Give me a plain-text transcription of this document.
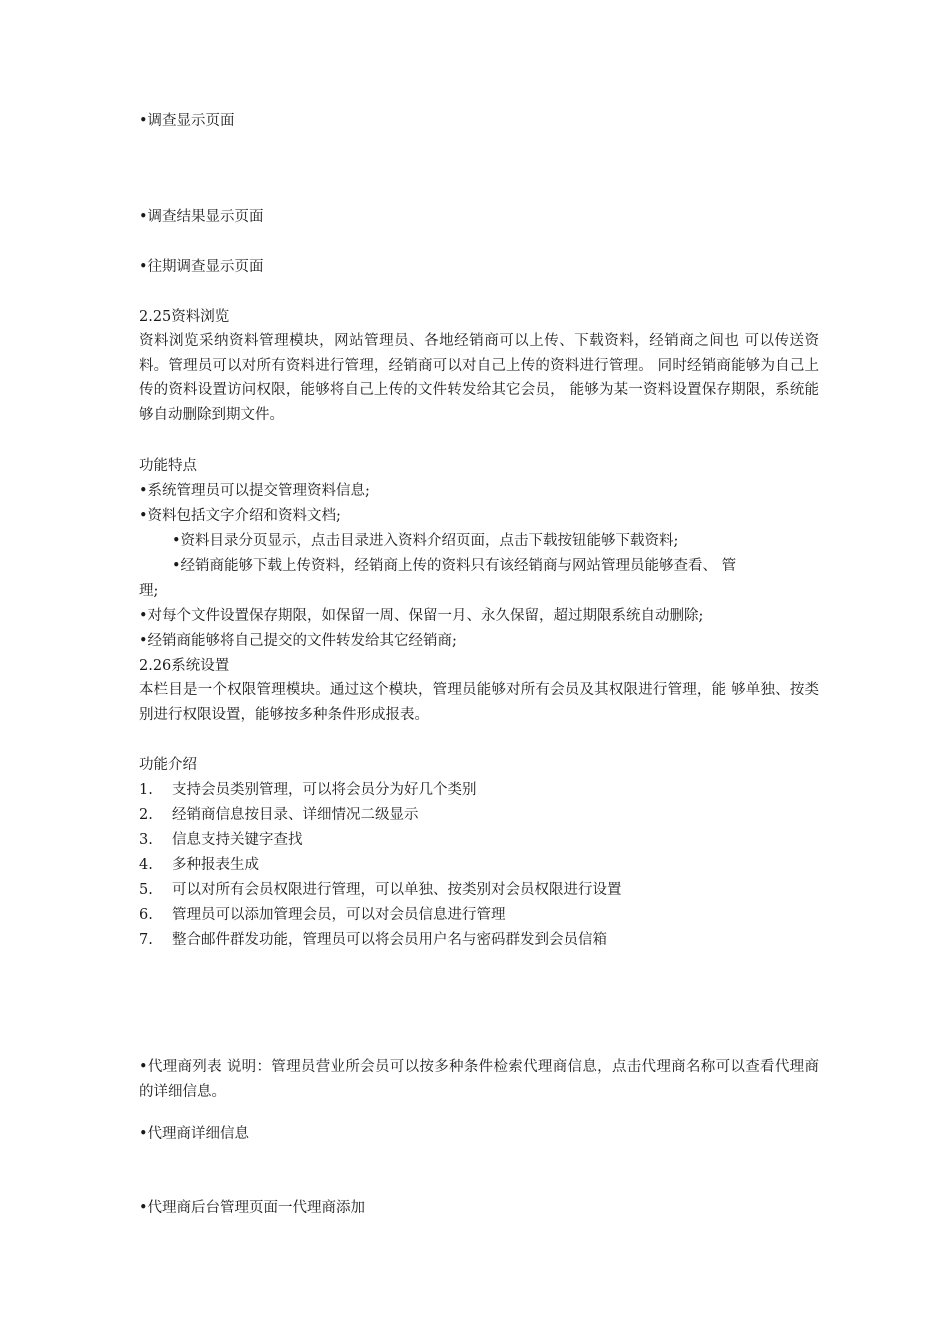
•调查显示页面
•调查结果显示页面
•往期调查显示页面
2.25资料浏览
资料浏览采纳资料管理模块，网站管理员、各地经销商可以上传、下载资料，经销商之间也 可以传送资料。管理员可以对所有资料进行管理，经销商可以对自己上传的资料进行管理。 同时经销商能够为自己上传的资料设置访问权限，能够将自己上传的文件转发给其它会员， 能够为某一资料设置保存期限，系统能够自动删除到期文件。
功能特点
•系统管理员可以提交管理资料信息;
•资料包括文字介绍和资料文档;
•资料目录分页显示，点击目录进入资料介绍页面，点击下载按钮能够下载资料;
•经销商能够下载上传资料，经销商上传的资料只有该经销商与网站管理员能够查看、 管
理;
•对每个文件设置保存期限，如保留一周、保留一月、永久保留，超过期限系统自动删除;
•经销商能够将自己提交的文件转发给其它经销商;
2.26系统设置
本栏目是一个权限管理模块。通过这个模块，管理员能够对所有会员及其权限进行管理，能 够单独、按类别进行权限设置，能够按多种条件形成报表。
功能介绍
1. 支持会员类别管理，可以将会员分为好几个类别
2. 经销商信息按目录、详细情况二级显示
3. 信息支持关键字查找
4. 多种报表生成
5. 可以对所有会员权限进行管理，可以单独、按类别对会员权限进行设置
6. 管理员可以添加管理会员，可以对会员信息进行管理
7. 整合邮件群发功能，管理员可以将会员用户名与密码群发到会员信箱
•代理商列表 说明：管理员营业所会员可以按多种条件检索代理商信息，点击代理商名称可以查看代理商 的详细信息。
•代理商详细信息
•代理商后台管理页面一代理商添加
